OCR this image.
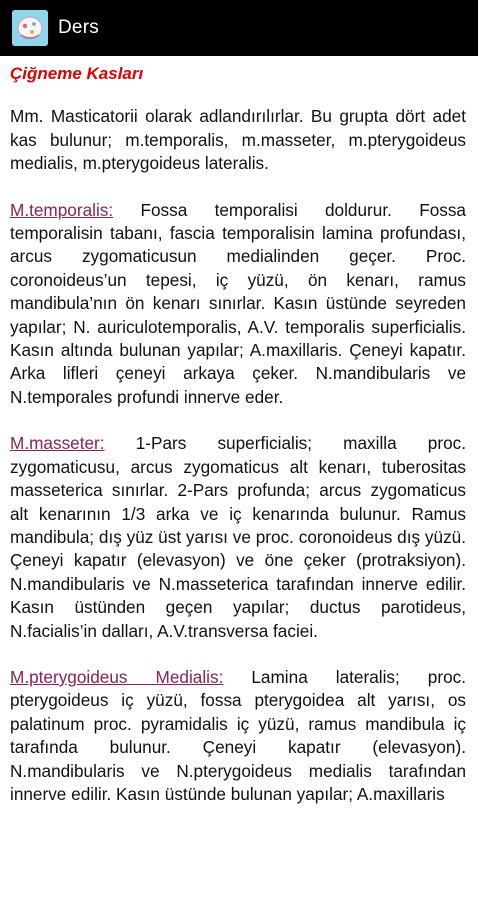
Ders

Çiğneme Kasları

Mm. Masticatorii olarak adlandırılırlar. Bu grupta dört adet kas bulunur; m.temporalis, m.masseter, m.pterygoideus medialis, m.pterygoideus lateralis.

M.temporalis: Fossa temporalisi doldurur. Fossa temporalisin tabanı, fascia temporalisin lamina profundası, arcus zygomaticusun medialinden geçer. Proc. coronoideus’un tepesi, iç yüzü, ön kenarı, ramus mandibula’nın ön kenarı sınırlar. Kasın üstünde seyreden yapılar; N. auriculotemporalis, A.V. temporalis superficialis. Kasın altında bulunan yapılar; A.maxillaris. Çeneyi kapatır. Arka lifleri çeneyi arkaya çeker. N.mandibularis ve N.temporales profundi innerve eder.

M.masseter: 1-Pars superficialis; maxilla proc. zygomaticusu, arcus zygomaticus alt kenarı, tuberositas masseterica sınırlar. 2-Pars profunda; arcus zygomaticus alt kenarının 1/3 arka ve iç kenarında bulunur. Ramus mandibula; dış yüz üst yarısı ve proc. coronoideus dış yüzü. Çeneyi kapatır (elevasyon) ve öne çeker (protraksiyon). N.mandibularis ve N.masseterica tarafından innerve edilir. Kasın üstünden geçen yapılar; ductus parotideus, N.facialis’in dalları, A.V.transversa faciei.

M.pterygoideus Medialis: Lamina lateralis; proc. pterygoideus iç yüzü, fossa pterygoidea alt yarısı, os palatinum proc. pyramidalis iç yüzü, ramus mandibula iç tarafında bulunur. Çeneyi kapatır (elevasyon). N.mandibularis ve N.pterygoideus medialis tarafından innerve edilir. Kasın üstünde bulunan yapılar; A.maxillaris
